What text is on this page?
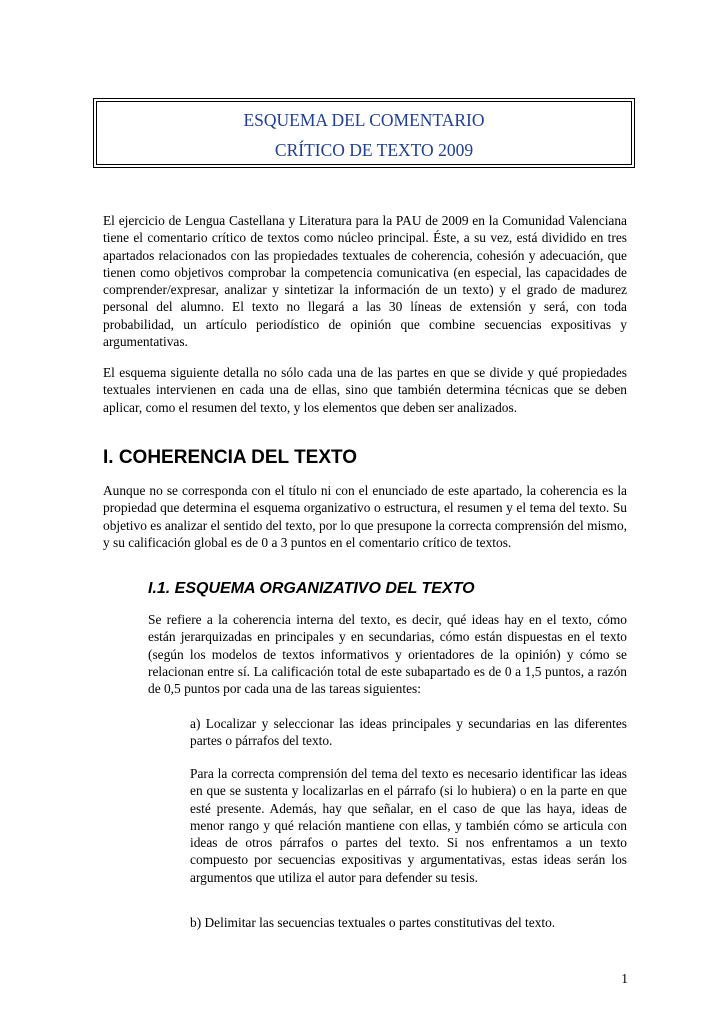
ESQUEMA DEL COMENTARIO
CRÍTICO DE TEXTO 2009
El ejercicio de Lengua Castellana y Literatura para la PAU de 2009 en la Comunidad Valenciana tiene el comentario crítico de textos como núcleo principal. Éste, a su vez, está dividido en tres apartados relacionados con las propiedades textuales de coherencia, cohesión y adecuación, que tienen como objetivos comprobar la competencia comunicativa (en especial, las capacidades de comprender/expresar, analizar y sintetizar la información de un texto) y el grado de madurez personal del alumno. El texto no llegará a las 30 líneas de extensión y será, con toda probabilidad, un artículo periodístico de opinión que combine secuencias expositivas y argumentativas.
El esquema siguiente detalla no sólo cada una de las partes en que se divide y qué propiedades textuales intervienen en cada una de ellas, sino que también determina técnicas que se deben aplicar, como el resumen del texto, y los elementos que deben ser analizados.
I. COHERENCIA DEL TEXTO
Aunque no se corresponda con el título ni con el enunciado de este apartado, la coherencia es la propiedad que determina el esquema organizativo o estructura, el resumen y el tema del texto. Su objetivo es analizar el sentido del texto, por lo que presupone la correcta comprensión del mismo, y su calificación global es de 0 a 3 puntos en el comentario crítico de textos.
I.1. ESQUEMA ORGANIZATIVO DEL TEXTO
Se refiere a la coherencia interna del texto, es decir, qué ideas hay en el texto, cómo están jerarquizadas en principales y en secundarias, cómo están dispuestas en el texto (según los modelos de textos informativos y orientadores de la opinión) y cómo se relacionan entre sí. La calificación total de este subapartado es de 0 a 1,5 puntos, a razón de 0,5 puntos por cada una de las tareas siguientes:
a) Localizar y seleccionar las ideas principales y secundarias en las diferentes partes o párrafos del texto.
Para la correcta comprensión del tema del texto es necesario identificar las ideas en que se sustenta y localizarlas en el párrafo (si lo hubiera) o en la parte en que esté presente. Además, hay que señalar, en el caso de que las haya, ideas de menor rango y qué relación mantiene con ellas, y también cómo se articula con ideas de otros párrafos o partes del texto. Si nos enfrentamos a un texto compuesto por secuencias expositivas y argumentativas, estas ideas serán los argumentos que utiliza el autor para defender su tesis.
b) Delimitar las secuencias textuales o partes constitutivas del texto.
1
